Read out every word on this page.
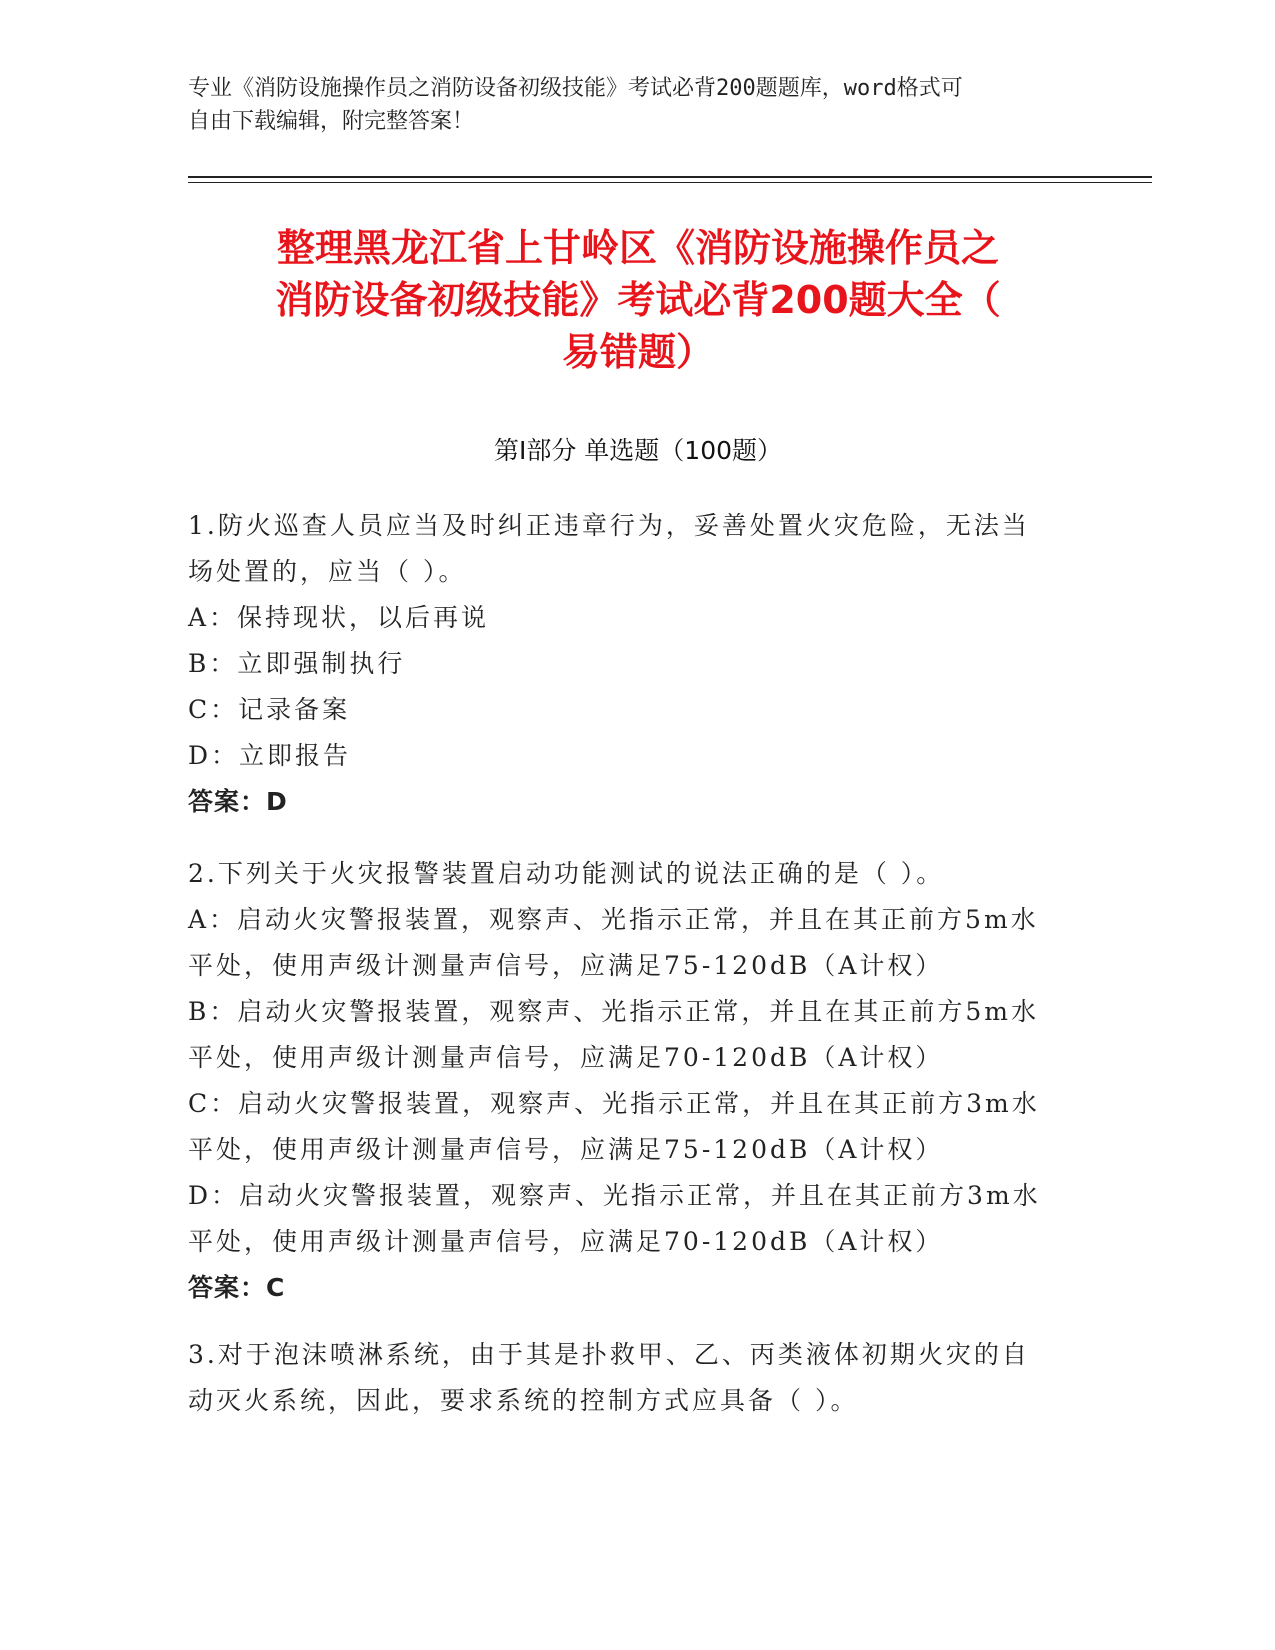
专业《消防设施操作员之消防设备初级技能》考试必背200题题库，word格式可
自由下载编辑，附完整答案！
整理黑龙江省上甘岭区《消防设施操作员之
消防设备初级技能》考试必背200题大全（
易错题）
第Ⅰ部分 单选题（100题）
1.防火巡查人员应当及时纠正违章行为，妥善处置火灾危险，无法当
场处置的，应当（ ）。
A：保持现状，以后再说
B：立即强制执行
C：记录备案
D：立即报告
答案：D
2.下列关于火灾报警装置启动功能测试的说法正确的是（ ）。
A：启动火灾警报装置，观察声、光指示正常，并且在其正前方5m水
平处，使用声级计测量声信号，应满足75-120dB（A计权）
B：启动火灾警报装置，观察声、光指示正常，并且在其正前方5m水
平处，使用声级计测量声信号，应满足70-120dB（A计权）
C：启动火灾警报装置，观察声、光指示正常，并且在其正前方3m水
平处，使用声级计测量声信号，应满足75-120dB（A计权）
D：启动火灾警报装置，观察声、光指示正常，并且在其正前方3m水
平处，使用声级计测量声信号，应满足70-120dB（A计权）
答案：C
3.对于泡沫喷淋系统，由于其是扑救甲、乙、丙类液体初期火灾的自
动灭火系统，因此，要求系统的控制方式应具备（ ）。
